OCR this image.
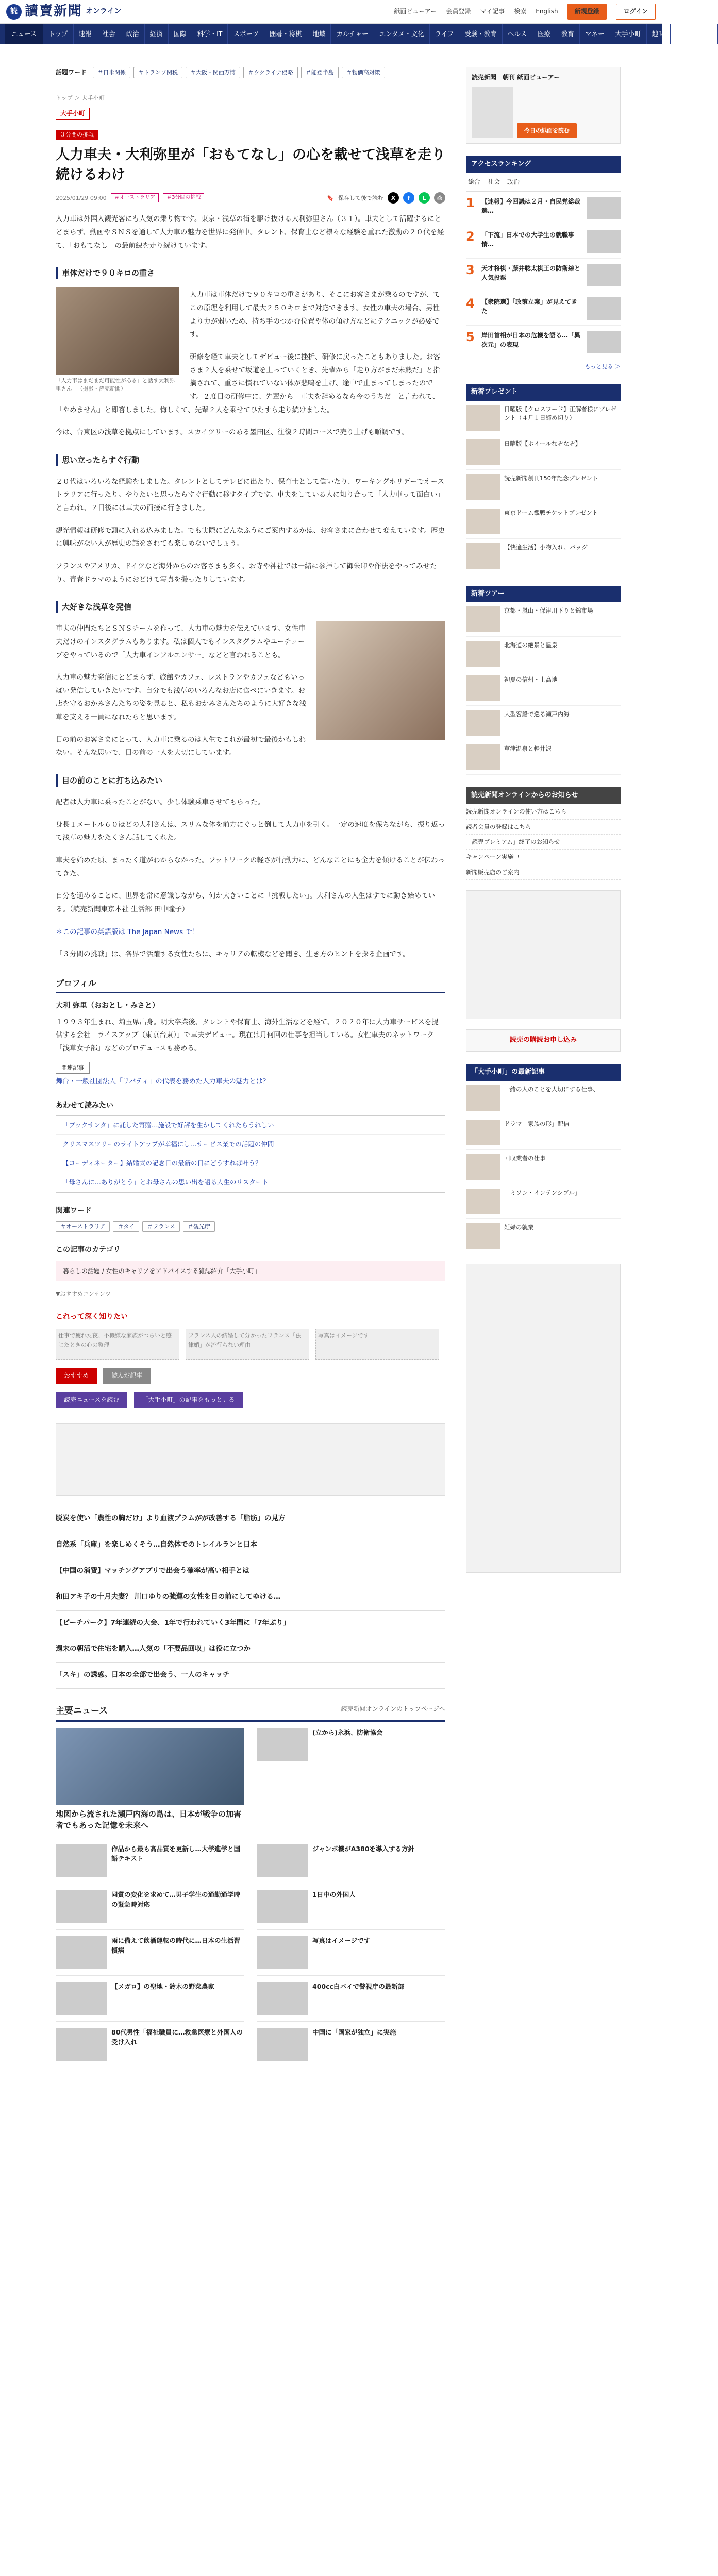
読 讀賣新聞 オンライン	紙面ビューアー 会員登録 マイ記事 検索 English	新規登録	ログイン
ニュース	トップ	速報	社会	政治	経済	国際	科学・IT	スポーツ	囲碁・将棋	地域	カルチャー	エンタメ・文化	ライフ	受験・教育	ヘルス	医療	教育	マネー	大手小町	趣味	動画	写真
話題ワード	＃日米関係	＃トランプ関税	＃大阪・関西万博	＃ウクライナ侵略	＃能登半島	＃物価高対策
トップ ＞ 大手小町
大手小町
３分間の挑戦
人力車夫・大利弥里が「おもてなし」の心を載せて浅草を走り続けるわけ
2025/01/29 09:00	＃オーストラリア	＃3分間の挑戦	🔖 保存して後で読む	X	f	L	⎙

人力車は外国人観光客にも人気の乗り物です。東京・浅草の街を駆け抜ける大利弥里さん（３１）。車夫として活躍するにとどまらず、動画やＳＮＳを通して人力車の魅力を世界に発信中。タレント、保育士など様々な経験を重ねた激動の２０代を経て、「おもてなし」の最前線を走り続けています。

車体だけで９０キロの重さ
「人力車はまだまだ可能性がある」と話す大利弥里さん＝（撮影・読売新聞）

人力車は車体だけで９０キロの重さがあり、そこにお客さまが乗るのですが、てこの原理を利用して最大２５０キロまで対応できます。女性の車夫の場合、男性より力が弱いため、持ち手のつかむ位置や体の傾け方などにテクニックが必要です。

研修を経て車夫としてデビュー後に挫折、研修に戻ったこともありました。お客さま２人を乗せて坂道を上っていくとき、先輩から「走り方がまだ未熟だ」と指摘されて、重さに慣れていない体が悲鳴を上げ、途中で止まってしまったのです。２度目の研修中に、先輩から「車夫を辞めるなら今のうちだ」と言われて、「やめません」と即答しました。悔しくて、先輩２人を乗せてひたすら走り続けました。

今は、台東区の浅草を拠点にしています。スカイツリーのある墨田区、往復２時間コースで売り上げも順調です。

思い立ったらすぐ行動

２０代はいろいろな経験をしました。タレントとしてテレビに出たり、保育士として働いたり、ワーキングホリデーでオーストラリアに行ったり。やりたいと思ったらすぐ行動に移すタイプです。車夫をしている人に知り合って「人力車って面白い」と言われ、２日後には車夫の面接に行きました。

観光情報は研修で頭に入れる込みました。でも実際にどんなふうにご案内するかは、お客さまに合わせて変えています。歴史に興味がない人が歴史の話をされても楽しめないでしょう。

フランスやアメリカ、ドイツなど海外からのお客さまも多く、お寺や神社では一緒に参拝して御朱印や作法をやってみせたり。青春ドラマのようにおどけて写真を撮ったりしています。

大好きな浅草を発信

車夫の仲間たちとＳＮＳチームを作って、人力車の魅力を伝えています。女性車夫だけのインスタグラムもあります。私は個人でもインスタグラムやユーチューブをやっているので「人力車インフルエンサー」などと言われることも。

人力車の魅力発信にとどまらず、旅館やカフェ、レストランやカフェなどもいっぱい発信していきたいです。自分でも浅草のいろんなお店に食べにいきます。お店を守るおかみさんたちの姿を見ると、私もおかみさんたちのように大好きな浅草を支える一員になれたらと思います。

目の前のお客さまにとって、人力車に乗るのは人生でこれが最初で最後かもしれない。そんな思いで、目の前の一人を大切にしています。

目の前のことに打ち込みたい

記者は人力車に乗ったことがない。少し体験乗車させてもらった。

身長１メートル６０ほどの大利さんは、スリムな体を前方にぐっと倒して人力車を引く。一定の速度を保ちながら、振り返って浅草の魅力をたくさん話してくれた。

車夫を始めた頃、まったく道がわからなかった。フットワークの軽さが行動力に、どんなことにも全力を傾けることが伝わってきた。

自分を通めることに、世界を常に意識しながら、何か大きいことに「挑戦したい」。大利さんの人生はすでに動き始めている。（読売新聞東京本社 生活部 田中瞳子）

＊この記事の英語版は The Japan News で！

「３分間の挑戦」は、各界で活躍する女性たちに、キャリアの転機などを聞き、生き方のヒントを探る企画です。

プロフィル
大利 弥里（おおとし・みさと）

１９９３年生まれ、埼玉県出身。明大卒業後、タレントや保育士、海外生活などを経て、２０２０年に人力車サービスを提供する会社「ライスアップ（東京台東）」で車夫デビュー。現在は月何回の仕事を担当している。女性車夫のネットワーク「浅草女子部」などのプロデュースも務める。

関連記事
舞台・一般社団法人「リバティ」の代表を務めた人力車夫の魅力とは？
あわせて読みたい
「ブックサンタ」に託した寄贈…施設で好評を生かしてくれたらうれしい
クリスマスツリーのライトアップが幸福にし…サービス業での話題の仲間
【コーディネーター】結婚式の記念日の最新の日にどうすれば叶う？
「母さんに…ありがとう」とお母さんの思い出を語る人生のリスタート
関連ワード
＃オーストラリア	＃タイ	＃フランス	＃観光庁
この記事のカテゴリ
暮らしの話題 / 女性のキャリアをアドバイスする雑誌紹介「大手小町」
▼おすすめコンテンツ
これって深く知りたい
仕事で疲れた夜、不機嫌な家族がつらいと感じたときの心の整理
フランス人の結婚して分かったフランス「法律婚」が流行らない理由
写真はイメージです
おすすめ	読んだ記事
読売ニュースを読む	「大手小町」の記事をもっと見る
脱炭を使い「農性の胸だけ」より血液プラムがが改善する「脂肪」の見方
自然系「兵庫」を楽しめくそう…自然体でのトレイルランと日本
【中国の消費】マッチングアプリで出会う確率が高い相手とは
和田アキ子の十月夫妻？ 川口ゆりの強運の女性を目の前にしてゆける…
【ピーチパーク】7年連続の大会、1年で行われていく3年間に「7年ぶり」
週末の朝活で住宅を購入…人気の「不要品回収」は役に立つか
「スキ」の誘惑。日本の全部で出会う、一人のキャッチ
主要ニュース	読売新聞オンラインのトップページへ
地図から流された瀬戸内海の島は、日本が戦争の加害者でもあった記憶を未来へ
(立から)永浜、防衛協会
作品から最も高品質を更新し…大学進学と国語テキスト
ジャンボ機がA380を導入する方針
同質の変化を求めて…男子学生の通勤通学時の緊急時対応
1日中の外国人
雨に備えて飲酒運転の時代に…日本の生活習慣病
写真はイメージです
【メガロ】の聖地・鈴木の野菜農家	400cc白バイで警視庁の最新部
80代男性「福祉職員に…救急医療と外国人の受け入れ
中国に「国家が独立」に実施
読売新聞　朝刊 紙面ビューアー
今日の紙面を読む
アクセスランキング
総合 社会 政治
1	【速報】今回議は２月・自民党総裁選…
2	「下流」日本での大学生の就職事情…
3	天才将棋・藤井聡太棋王の防衛線と人気投票
4	【衆院選】「政策立案」が見えてきた
5	岸田首相が日本の危機を語る…「異次元」の表現
もっと見る ＞
新着プレゼント
日曜版【クロスワード】正解者様にプレゼント（４月１日締め切り）
日曜版【ホイールなぞなぞ】
読売新聞創刊150年記念プレゼント
東京ドーム観戦チケットプレゼント
【快適生活】小物入れ、バッグ
新着ツアー
京都・嵐山・保津川下りと錦市場
北海道の絶景と温泉
初夏の信州・上高地
大型客船で巡る瀬戸内海
草津温泉と軽井沢
読売新聞オンラインからのお知らせ
読売新聞オンラインの使い方はこちら
読者会員の登録はこちら
「読売プレミアム」終了のお知らせ
キャンペーン実施中
新聞販売店のご案内
読売の購読お申し込み
「大手小町」の最新記事
一緒の人のことを大切にする仕事、
ドラマ「家族の形」配信
回収業者の仕事
「ミソン・インテンシブル」
妊婦の就業
